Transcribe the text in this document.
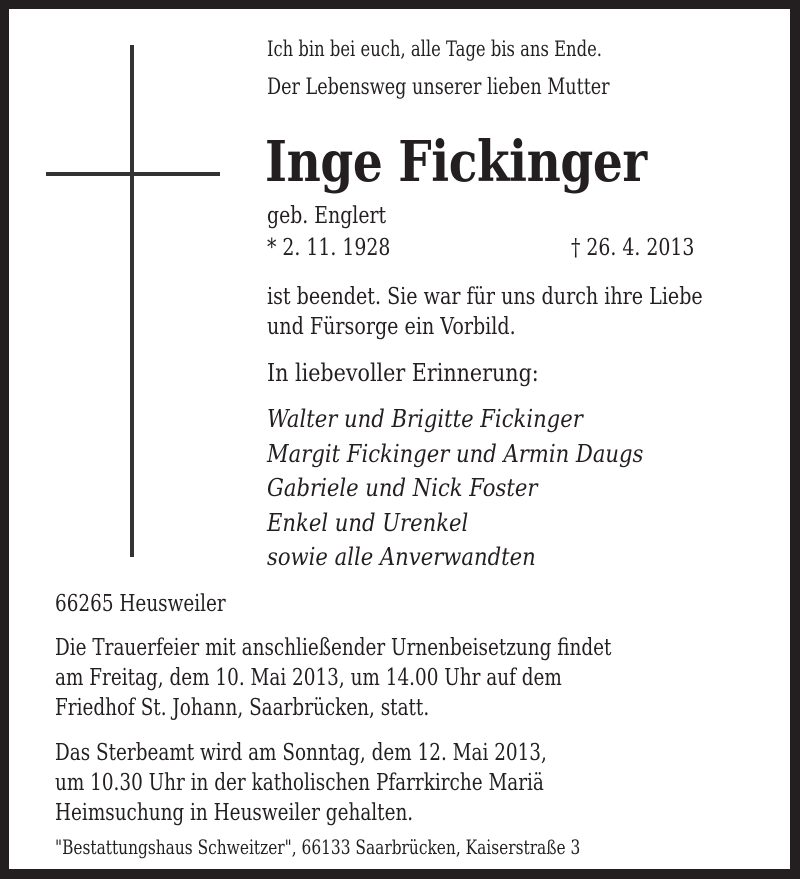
Ich bin bei euch, alle Tage bis ans Ende.
Der Lebensweg unserer lieben Mutter
Inge Fickinger
geb. Englert
* 2. 11. 1928	† 26. 4. 2013
ist beendet. Sie war für uns durch ihre Liebe
und Fürsorge ein Vorbild.
In liebevoller Erinnerung:
Walter und Brigitte Fickinger
Margit Fickinger und Armin Daugs
Gabriele und Nick Foster
Enkel und Urenkel
sowie alle Anverwandten
66265 Heusweiler
Die Trauerfeier mit anschließender Urnenbeisetzung findet
am Freitag, dem 10. Mai 2013, um 14.00 Uhr auf dem
Friedhof St. Johann, Saarbrücken, statt.
Das Sterbeamt wird am Sonntag, dem 12. Mai 2013,
um 10.30 Uhr in der katholischen Pfarrkirche Mariä
Heimsuchung in Heusweiler gehalten.
"Bestattungshaus Schweitzer", 66133 Saarbrücken, Kaiserstraße 3
